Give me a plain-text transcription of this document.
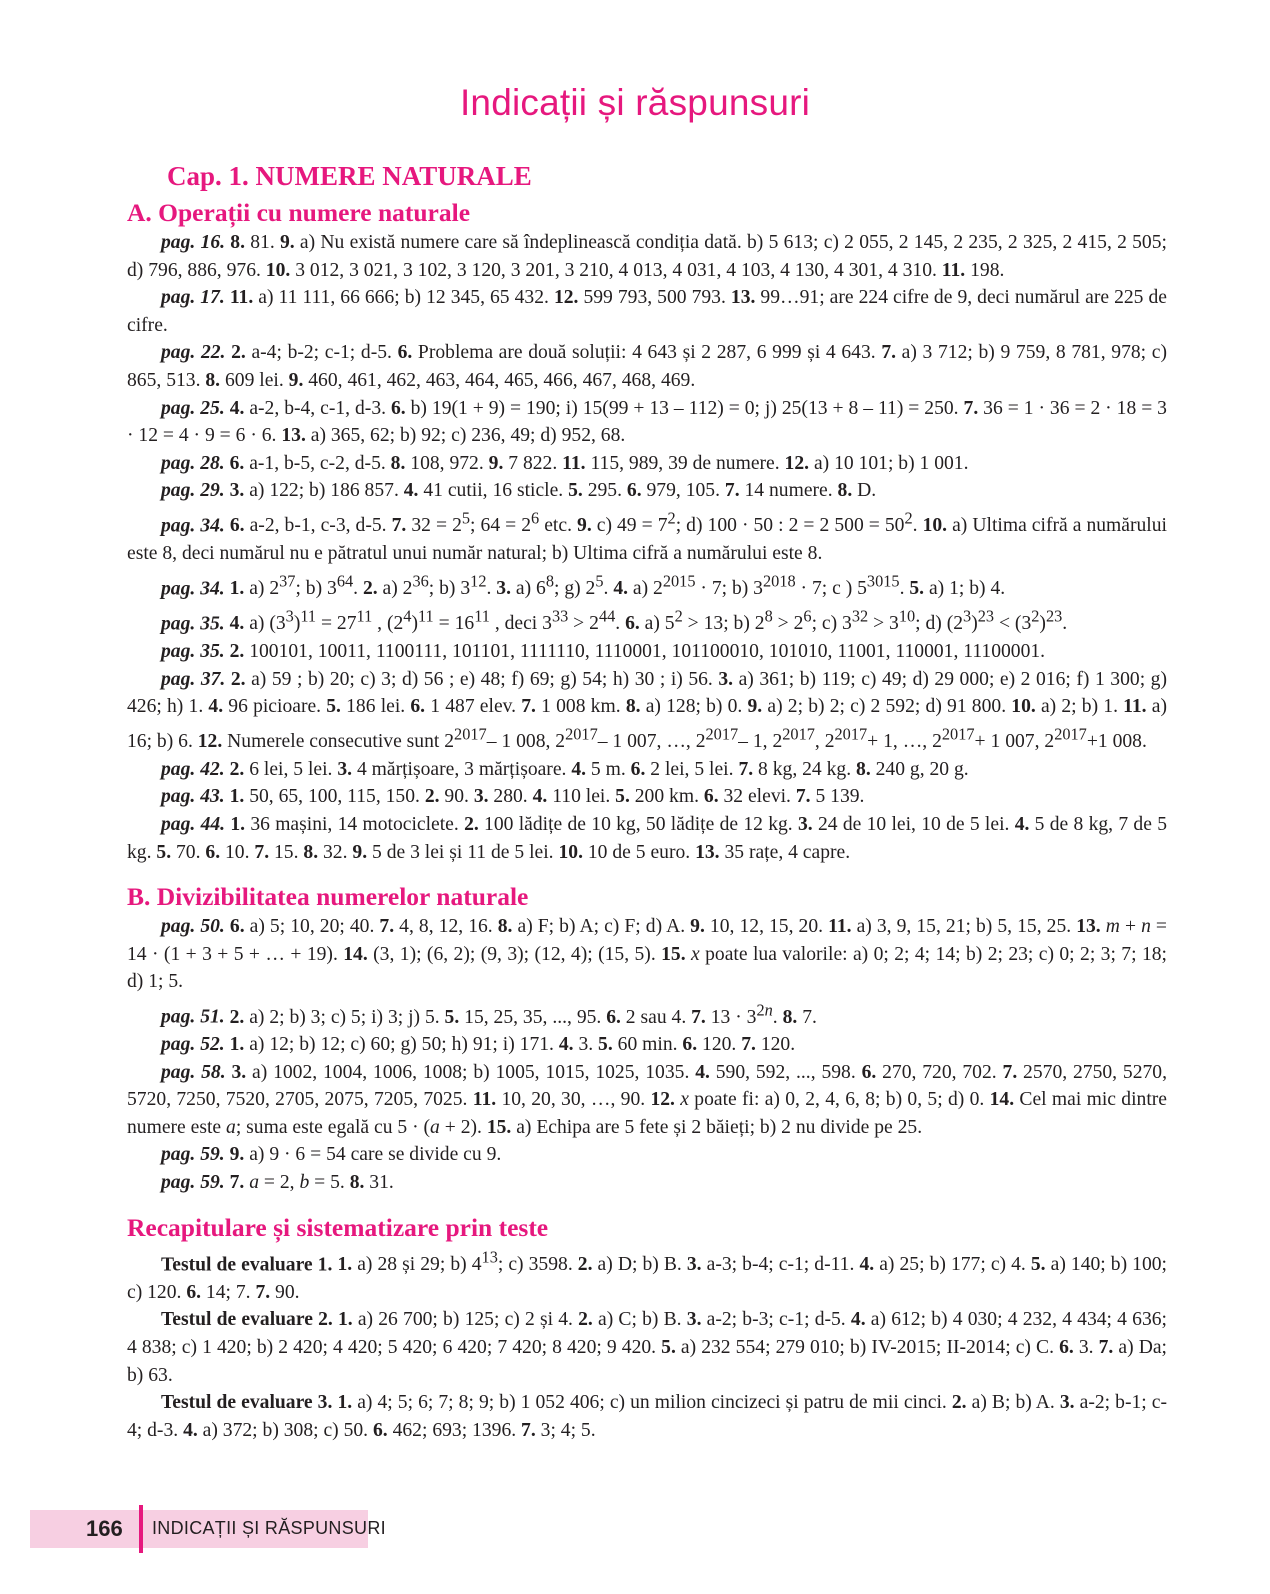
Indicații și răspunsuri
Cap. 1. NUMERE NATURALE
A. Operații cu numere naturale

pag. 16. 8. 81. 9. a) Nu există numere care să îndeplinească condiția dată. b) 5 613; c) 2 055, 2 145, 2 235, 2 325, 2 415, 2 505; d) 796, 886, 976. 10. 3 012, 3 021, 3 102, 3 120, 3 201, 3 210, 4 013, 4 031, 4 103, 4 130, 4 301, 4 310. 11. 198.

pag. 17. 11. a) 11 111, 66 666; b) 12 345, 65 432. 12. 599 793, 500 793. 13. 99…91; are 224 cifre de 9, deci numărul are 225 de cifre.

pag. 22. 2. a-4; b-2; c-1; d-5. 6. Problema are două soluții: 4 643 și 2 287, 6 999 și 4 643. 7. a) 3 712; b) 9 759, 8 781, 978; c) 865, 513. 8. 609 lei. 9. 460, 461, 462, 463, 464, 465, 466, 467, 468, 469.

pag. 25. 4. a-2, b-4, c-1, d-3. 6. b) 19(1 + 9) = 190; i) 15(99 + 13 – 112) = 0; j) 25(13 + 8 – 11) = 250. 7. 36 = 1 · 36 = 2 · 18 = 3 · 12 = 4 · 9 = 6 · 6. 13. a) 365, 62; b) 92; c) 236, 49; d) 952, 68.

pag. 28. 6. a-1, b-5, c-2, d-5. 8. 108, 972. 9. 7 822. 11. 115, 989, 39 de numere. 12. a) 10 101; b) 1 001.

pag. 29. 3. a) 122; b) 186 857. 4. 41 cutii, 16 sticle. 5. 295. 6. 979, 105. 7. 14 numere. 8. D.

pag. 34. 6. a-2, b-1, c-3, d-5. 7. $32 = 2^5$; $64 = 2^6$ etc. 9. c) $49 = 7^2$; d) 100 · 50 : 2 = 2 $500 = 50^2$. 10. a) Ultima cifră a numărului este 8, deci numărul nu e pătratul unui număr natural; b) Ultima cifră a numărului este 8.

pag. 34. 1. a) $2^{37}$; b) $3^{64}$. 2. a) $2^{36}$; b) $3^{12}$. 3. a) $6^8$; g) $2^5$. 4. a) $2^{2015} \cdot 7$; b) $3^{2018} \cdot 7$; c ) $5^{3015}$. 5. a) 1; b) 4.

pag. 35. 4. a) $(3^3)^{11} = 27^{11}$ , $(2^4)^{11} = 16^{11}$ , deci $3^{33} > 2^{44}$. 6. a) $5^2 > 13$; b) $2^8 > 2^6$; c) $3^{32} > 3^{10}$; d) $(2^3)^{23} < (3^2)^{23}$.

pag. 35. 2. 100101, 10011, 1100111, 101101, 1111110, 1110001, 101100010, 101010, 11001, 110001, 11100001.

pag. 37. 2. a) 59 ; b) 20; c) 3; d) 56 ; e) 48; f) 69; g) 54; h) 30 ; i) 56. 3. a) 361; b) 119; c) 49; d) 29 000; e) 2 016; f) 1 300; g) 426; h) 1. 4. 96 picioare. 5. 186 lei. 6. 1 487 elev. 7. 1 008 km. 8. a) 128; b) 0. 9. a) 2; b) 2; c) 2 592; d) 91 800. 10. a) 2; b) 1. 11. a) 16; b) 6. 12. Numerele consecutive sunt $2^{2017}-$ 1 008, $2^{2017}-$ 1 007, …, $2^{2017}-$ 1, $2^{2017}$, $2^{2017}+ 1$, …, $2^{2017}+ 1$ 007, $2^{2017}+1$ 008.

pag. 42. 2. 6 lei, 5 lei. 3. 4 mărțișoare, 3 mărțișoare. 4. 5 m. 6. 2 lei, 5 lei. 7. 8 kg, 24 kg. 8. 240 g, 20 g.

pag. 43. 1. 50, 65, 100, 115, 150. 2. 90. 3. 280. 4. 110 lei. 5. 200 km. 6. 32 elevi. 7. 5 139.

pag. 44. 1. 36 mașini, 14 motociclete. 2. 100 lădițe de 10 kg, 50 lădițe de 12 kg. 3. 24 de 10 lei, 10 de 5 lei. 4. 5 de 8 kg, 7 de 5 kg. 5. 70. 6. 10. 7. 15. 8. 32. 9. 5 de 3 lei și 11 de 5 lei. 10. 10 de 5 euro. 13. 35 rațe, 4 capre.

B. Divizibilitatea numerelor naturale

pag. 50. 6. a) 5; 10, 20; 40. 7. 4, 8, 12, 16. 8. a) F; b) A; c) F; d) A. 9. 10, 12, 15, 20. 11. a) 3, 9, 15, 21; b) 5, 15, 25. 13. m + n = 14 · (1 + 3 + 5 + … + 19). 14. (3, 1); (6, 2); (9, 3); (12, 4); (15, 5). 15. x poate lua valorile: a) 0; 2; 4; 14; b) 2; 23; c) 0; 2; 3; 7; 18; d) 1; 5.

pag. 51. 2. a) 2; b) 3; c) 5; i) 3; j) 5. 5. 15, 25, 35, ..., 95. 6. 2 sau 4. 7. $13 \cdot 3^{2n}$. 8. 7.

pag. 52. 1. a) 12; b) 12; c) 60; g) 50; h) 91; i) 171. 4. 3. 5. 60 min. 6. 120. 7. 120.

pag. 58. 3. a) 1002, 1004, 1006, 1008; b) 1005, 1015, 1025, 1035. 4. 590, 592, ..., 598. 6. 270, 720, 702. 7. 2570, 2750, 5270, 5720, 7250, 7520, 2705, 2075, 7205, 7025. 11. 10, 20, 30, …, 90. 12. x poate fi: a) 0, 2, 4, 6, 8; b) 0, 5; d) 0. 14. Cel mai mic dintre numere este a; suma este egală cu 5 · (a + 2). 15. a) Echipa are 5 fete și 2 băieți; b) 2 nu divide pe 25.

pag. 59. 9. a) 9 · 6 = 54 care se divide cu 9.

pag. 59. 7. a = 2, b = 5. 8. 31.

Recapitulare și sistematizare prin teste

Testul de evaluare 1. 1. a) 28 și 29; b) $4^{13}$; c) 3598. 2. a) D; b) B. 3. a-3; b-4; c-1; d-11. 4. a) 25; b) 177; c) 4. 5. a) 140; b) 100; c) 120. 6. 14; 7. 7. 90.

Testul de evaluare 2. 1. a) 26 700; b) 125; c) 2 și 4. 2. a) C; b) B. 3. a-2; b-3; c-1; d-5. 4. a) 612; b) 4 030; 4 232, 4 434; 4 636; 4 838; c) 1 420; b) 2 420; 4 420; 5 420; 6 420; 7 420; 8 420; 9 420. 5. a) 232 554; 279 010; b) IV-2015; II-2014; c) C. 6. 3. 7. a) Da; b) 63.

Testul de evaluare 3. 1. a) 4; 5; 6; 7; 8; 9; b) 1 052 406; c) un milion cincizeci și patru de mii cinci. 2. a) B; b) A. 3. a-2; b-1; c-4; d-3. 4. a) 372; b) 308; c) 50. 6. 462; 693; 1396. 7. 3; 4; 5.

166 INDICAȚII ȘI RĂSPUNSURI
